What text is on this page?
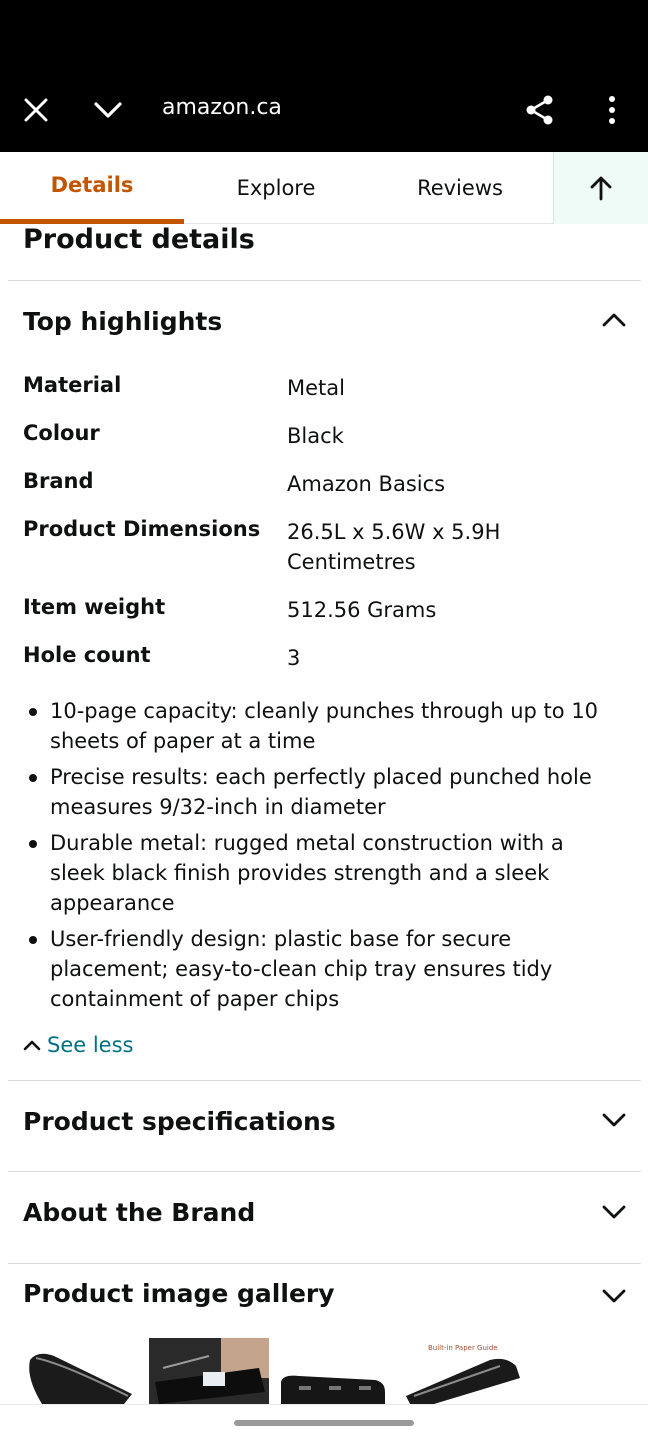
amazon.ca
Details	Explore	Reviews
Product details
Top highlights
Material	Metal
Colour	Black
Brand	Amazon Basics
Product Dimensions	26.5L x 5.6W x 5.9H Centimetres
Item weight	512.56 Grams
Hole count	3
10-page capacity: cleanly punches through up to 10 sheets of paper at a time
Precise results: each perfectly placed punched hole measures 9/32-inch in diameter
Durable metal: rugged metal construction with a sleek black finish provides strength and a sleek appearance
User-friendly design: plastic base for secure placement; easy-to-clean chip tray ensures tidy containment of paper chips
See less
Product specifications
About the Brand
Product image gallery
Built-in Paper Guide
